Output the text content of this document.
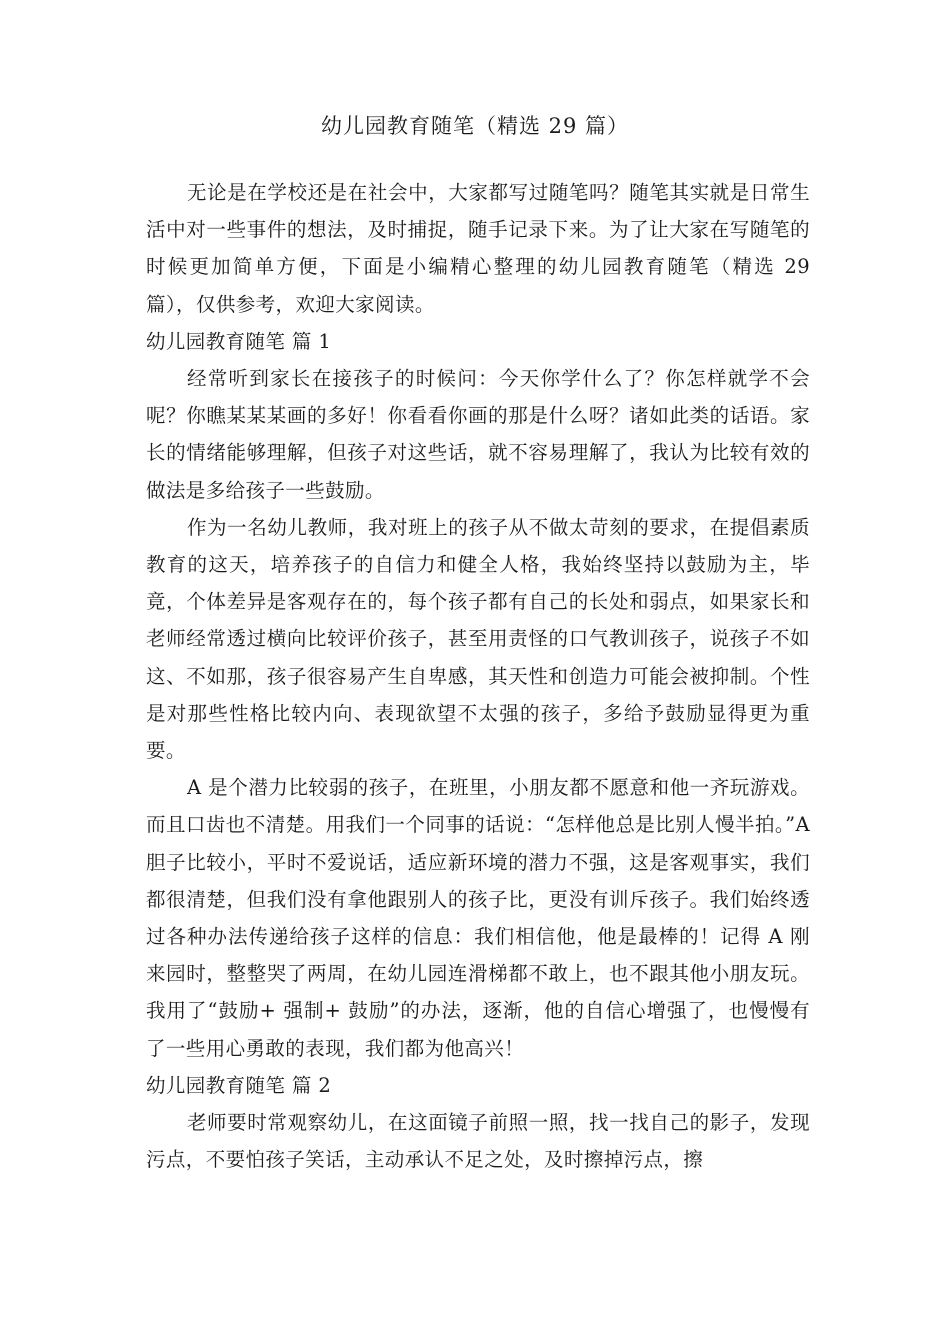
幼儿园教育随笔（精选 29 篇）

无论是在学校还是在社会中，大家都写过随笔吗？随笔其实就是日常生活中对一些事件的想法，及时捕捉，随手记录下来。为了让大家在写随笔的时候更加简单方便，下面是小编精心整理的幼儿园教育随笔（精选 29 篇），仅供参考，欢迎大家阅读。

幼儿园教育随笔 篇 1

经常听到家长在接孩子的时候问：今天你学什么了？你怎样就学不会呢？你瞧某某某画的多好！你看看你画的那是什么呀？诸如此类的话语。家长的情绪能够理解，但孩子对这些话，就不容易理解了，我认为比较有效的做法是多给孩子一些鼓励。

作为一名幼儿教师，我对班上的孩子从不做太苛刻的要求，在提倡素质教育的这天，培养孩子的自信力和健全人格，我始终坚持以鼓励为主，毕竟，个体差异是客观存在的，每个孩子都有自己的长处和弱点，如果家长和老师经常透过横向比较评价孩子，甚至用责怪的口气教训孩子，说孩子不如这、不如那，孩子很容易产生自卑感，其天性和创造力可能会被抑制。个性是对那些性格比较内向、表现欲望不太强的孩子，多给予鼓励显得更为重要。

A 是个潜力比较弱的孩子，在班里，小朋友都不愿意和他一齐玩游戏。而且口齿也不清楚。用我们一个同事的话说：“怎样他总是比别人慢半拍。”A 胆子比较小，平时不爱说话，适应新环境的潜力不强，这是客观事实，我们都很清楚，但我们没有拿他跟别人的孩子比，更没有训斥孩子。我们始终透过各种办法传递给孩子这样的信息：我们相信他，他是最棒的！记得 A 刚来园时，整整哭了两周，在幼儿园连滑梯都不敢上，也不跟其他小朋友玩。我用了“鼓励+ 强制+ 鼓励”的办法，逐渐，他的自信心增强了，也慢慢有了一些用心勇敢的表现，我们都为他高兴！

幼儿园教育随笔 篇 2

老师要时常观察幼儿，在这面镜子前照一照，找一找自己的影子，发现污点，不要怕孩子笑话，主动承认不足之处，及时擦掉污点，擦
